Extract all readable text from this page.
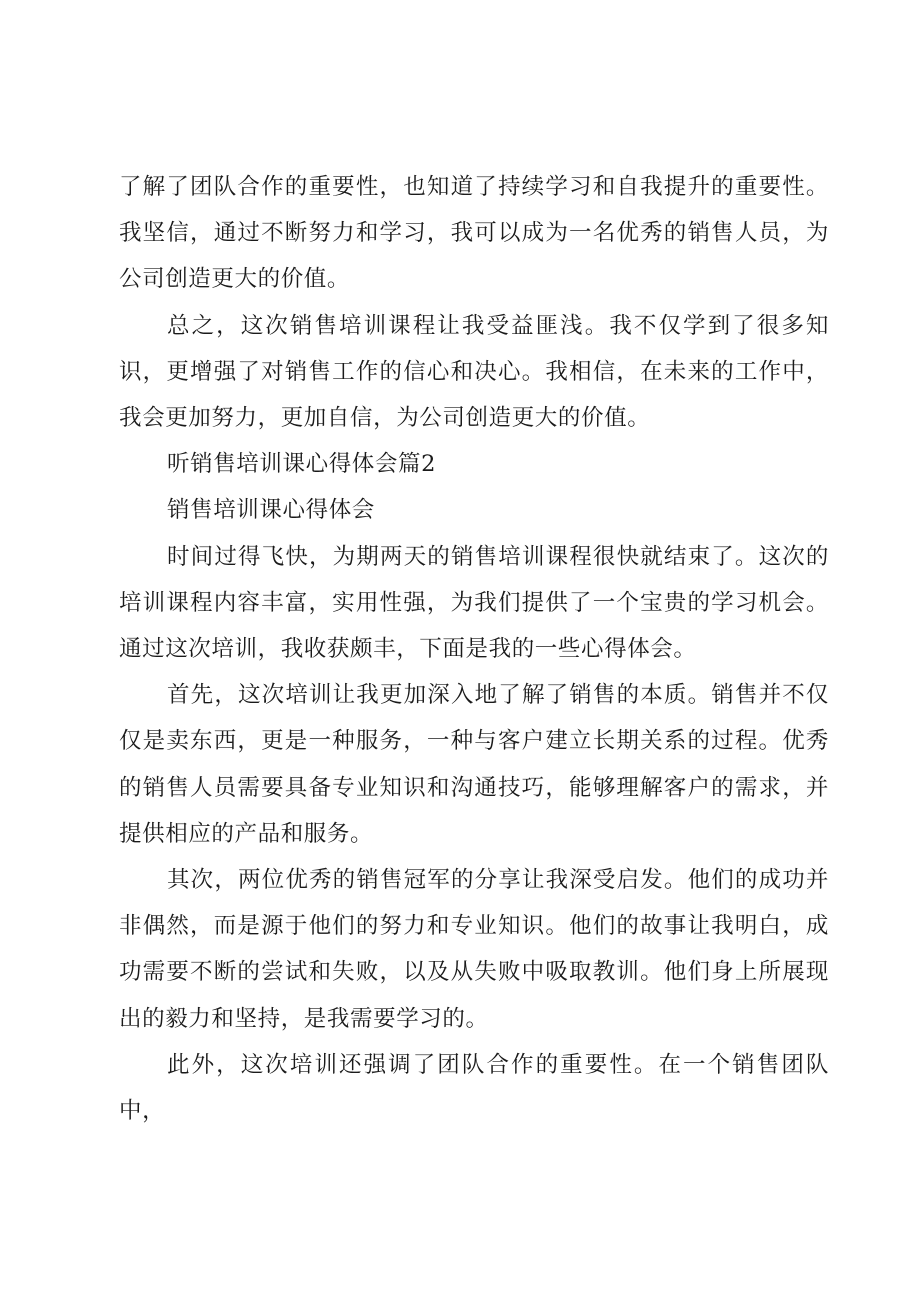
了解了团队合作的重要性，也知道了持续学习和自我提升的重要性。我坚信，通过不断努力和学习，我可以成为一名优秀的销售人员，为公司创造更大的价值。

总之，这次销售培训课程让我受益匪浅。我不仅学到了很多知识，更增强了对销售工作的信心和决心。我相信，在未来的工作中，我会更加努力，更加自信，为公司创造更大的价值。

听销售培训课心得体会篇2

销售培训课心得体会

时间过得飞快，为期两天的销售培训课程很快就结束了。这次的培训课程内容丰富，实用性强，为我们提供了一个宝贵的学习机会。通过这次培训，我收获颇丰，下面是我的一些心得体会。

首先，这次培训让我更加深入地了解了销售的本质。销售并不仅仅是卖东西，更是一种服务，一种与客户建立长期关系的过程。优秀的销售人员需要具备专业知识和沟通技巧，能够理解客户的需求，并提供相应的产品和服务。

其次，两位优秀的销售冠军的分享让我深受启发。他们的成功并非偶然，而是源于他们的努力和专业知识。他们的故事让我明白，成功需要不断的尝试和失败，以及从失败中吸取教训。他们身上所展现出的毅力和坚持，是我需要学习的。

此外，这次培训还强调了团队合作的重要性。在一个销售团队中，
